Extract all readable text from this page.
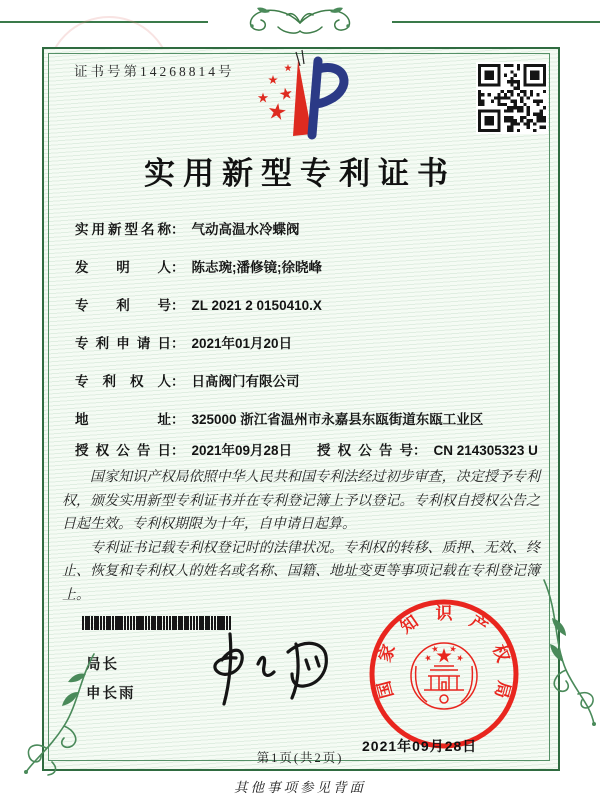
证书号第14268814号
实用新型专利证书
实用新型名称 ： 气动高温水冷蝶阀
发明人 ： 陈志琬;潘修镜;徐晓峰
专利号 ： ZL 2021 2 0150410.X
专利申请日 ： 2021年01月20日
专利权人 ： 日髙阀门有限公司
地址 ： 325000 浙江省温州市永嘉县东瓯街道东瓯工业区
授权公告日 ： 2021年09月28日 授权公告号 ： CN 214305323 U

国家知识产权局依照中华人民共和国专利法经过初步审查，决定授予专利权，颁发实用新型专利证书并在专利登记簿上予以登记。专利权自授权公告之日起生效。专利权期限为十年，自申请日起算。

专利证书记载专利权登记时的法律状况。专利权的转移、质押、无效、终止、恢复和专利权人的姓名或名称、国籍、地址变更等事项记载在专利登记簿上。

局长
申长雨	国
家
知 识 产
权
局
2021年09月28日
第1页(共2页)
其他事项参见背面
